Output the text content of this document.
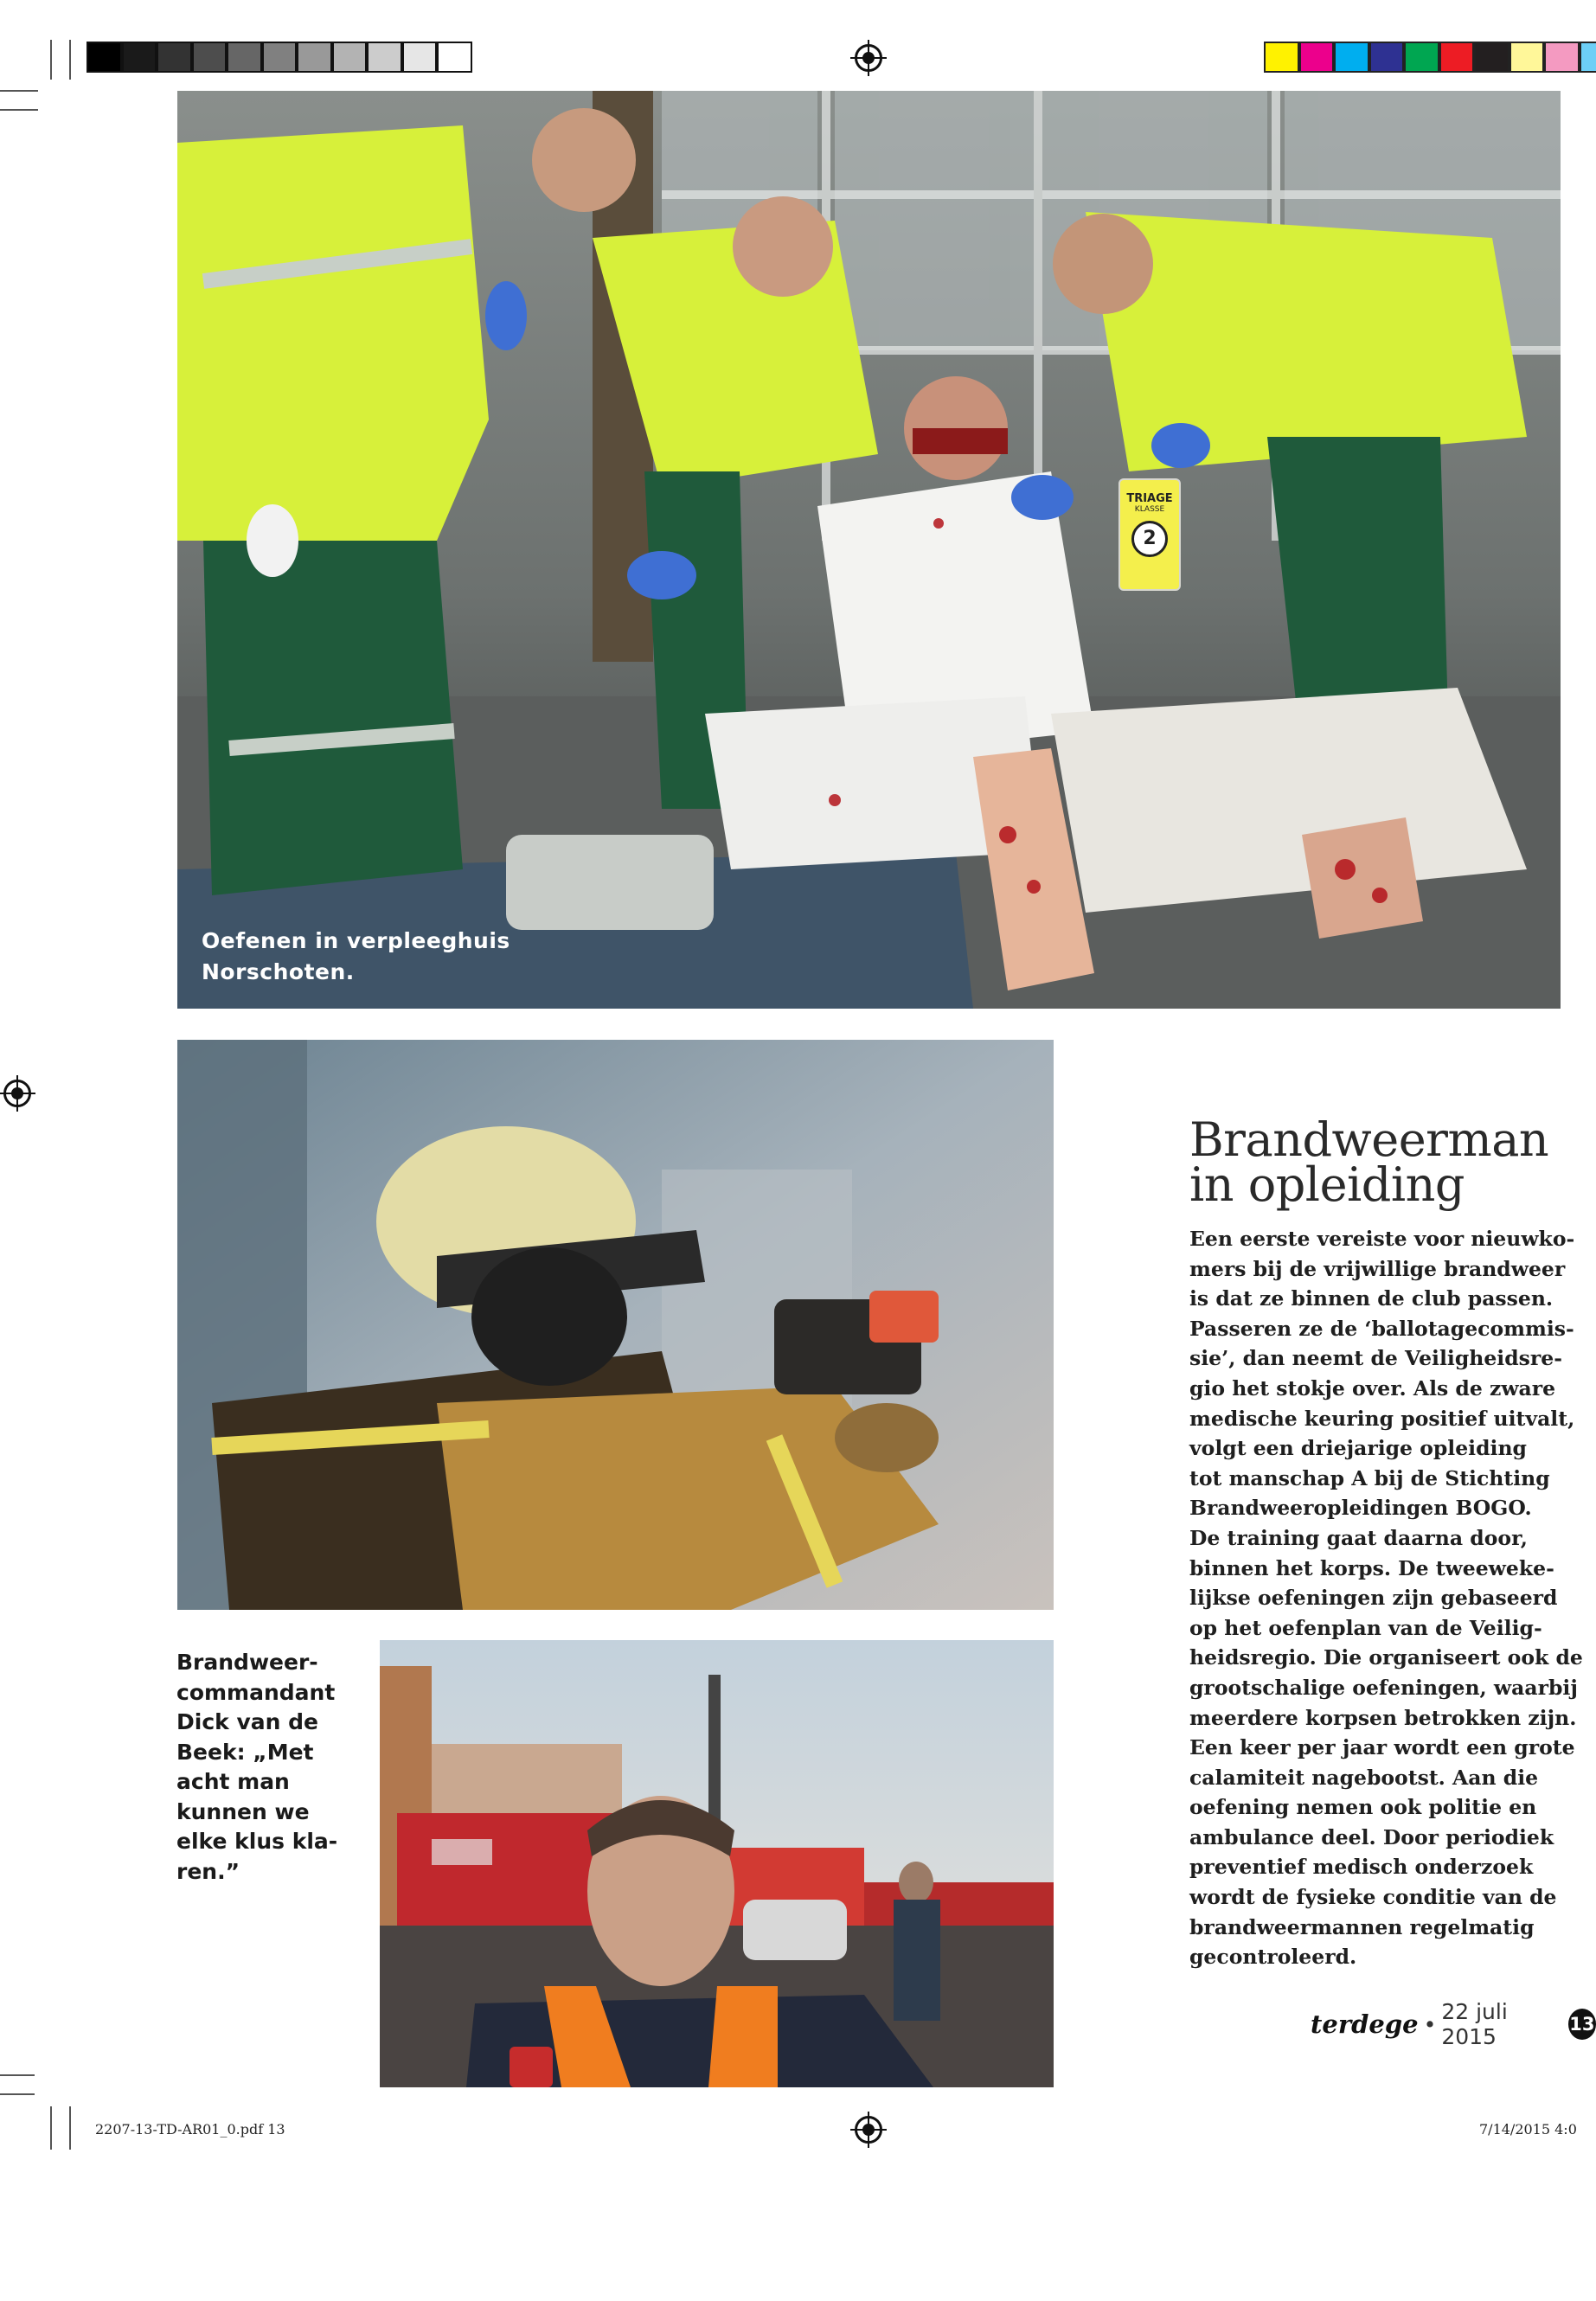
TRIAGE
KLASSE
2
Oefenen in verpleeghuis
Norschoten.
Brandweer-
commandant
Dick van de
Beek: „Met
acht man
kunnen we
elke klus kla-
ren.”
Brandweerman
in opleiding
Een eerste vereiste voor nieuwko-
mers bij de vrijwillige brandweer
is dat ze binnen de club passen.
Passeren ze de ‘ballotagecommis-
sie’, dan neemt de Veiligheidsre-
gio het stokje over. Als de zware
medische keuring positief uitvalt,
volgt een driejarige opleiding
tot manschap A bij de Stichting
Brandweeropleidingen BOGO.
De training gaat daarna door,
binnen het korps. De tweeweke-
lijkse oefeningen zijn gebaseerd
op het oefenplan van de Veilig-
heidsregio. Die organiseert ook de
grootschalige oefeningen, waarbij
meerdere korpsen betrokken zijn.
Een keer per jaar wordt een grote
calamiteit nagebootst. Aan die
oefening nemen ook politie en
ambulance deel. Door periodiek
preventief medisch onderzoek
wordt de fysieke conditie van de
brandweermannen regelmatig
gecontroleerd.
terdege • 22 juli 2015	13
2207-13-TD-AR01_0.pdf 13	7/14/2015 4:0
